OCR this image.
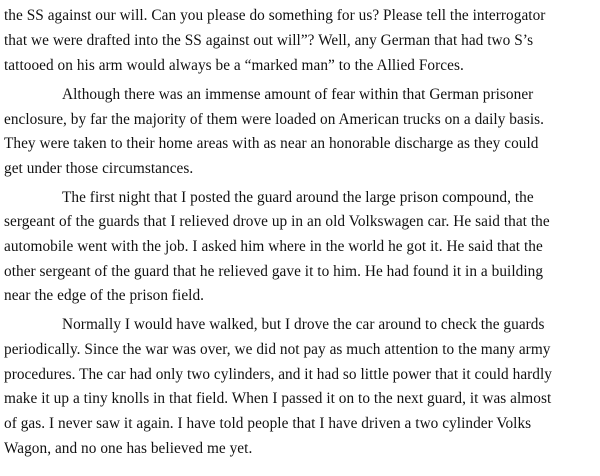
the SS against our will. Can you please do something for us? Please tell the interrogator
that we were drafted into the SS against out will”? Well, any German that had two S’s
tattooed on his arm would always be a “marked man” to the Allied Forces.
Although there was an immense amount of fear within that German prisoner
enclosure, by far the majority of them were loaded on American trucks on a daily basis.
They were taken to their home areas with as near an honorable discharge as they could
get under those circumstances.
The first night that I posted the guard around the large prison compound, the
sergeant of the guards that I relieved drove up in an old Volkswagen car. He said that the
automobile went with the job. I asked him where in the world he got it. He said that the
other sergeant of the guard that he relieved gave it to him. He had found it in a building
near the edge of the prison field.
Normally I would have walked, but I drove the car around to check the guards
periodically. Since the war was over, we did not pay as much attention to the many army
procedures. The car had only two cylinders, and it had so little power that it could hardly
make it up a tiny knolls in that field. When I passed it on to the next guard, it was almost
of gas. I never saw it again. I have told people that I have driven a two cylinder Volks
Wagon, and no one has believed me yet.
